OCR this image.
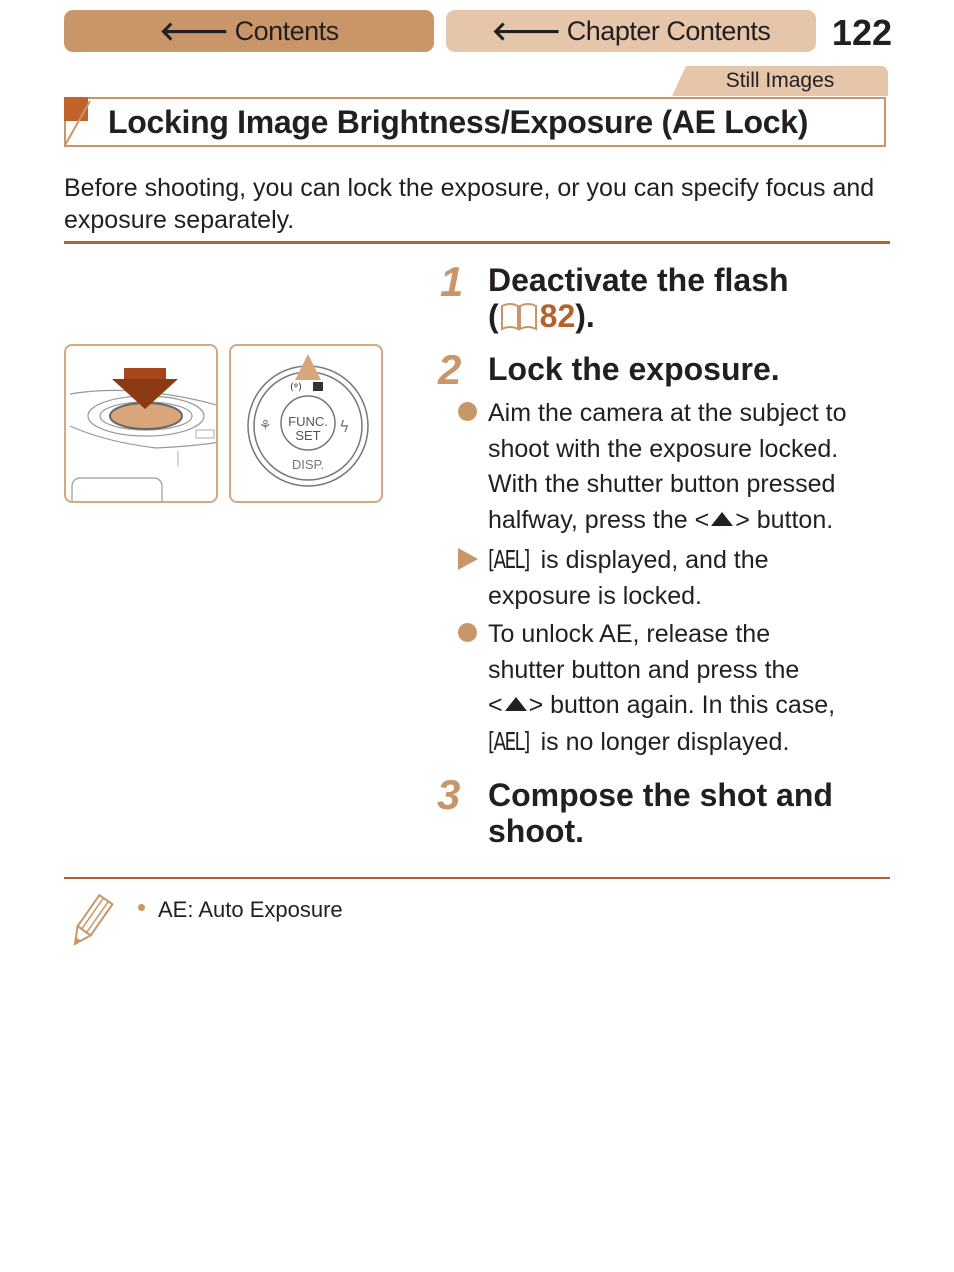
🡐 Contents	🡐 Chapter Contents 122
Still Images
Locking Image Brightness/Exposure (AE Lock)
Before shooting, you can lock the exposure, or you can specify focus and exposure separately.
(ᵠ)
⚘	ϟ
FUNC.
SET
DISP.
1 Deactivate the flash
( 82).
2 Lock the exposure.
Aim the camera at the subject to
shoot with the exposure locked.
With the shutter button pressed
halfway, press the < > button.
[AEL] is displayed, and the
exposure is locked.
To unlock AE, release the
shutter button and press the
< > button again. In this case,
[AEL] is no longer displayed.
3 Compose the shot and
shoot.
AE: Auto Exposure
